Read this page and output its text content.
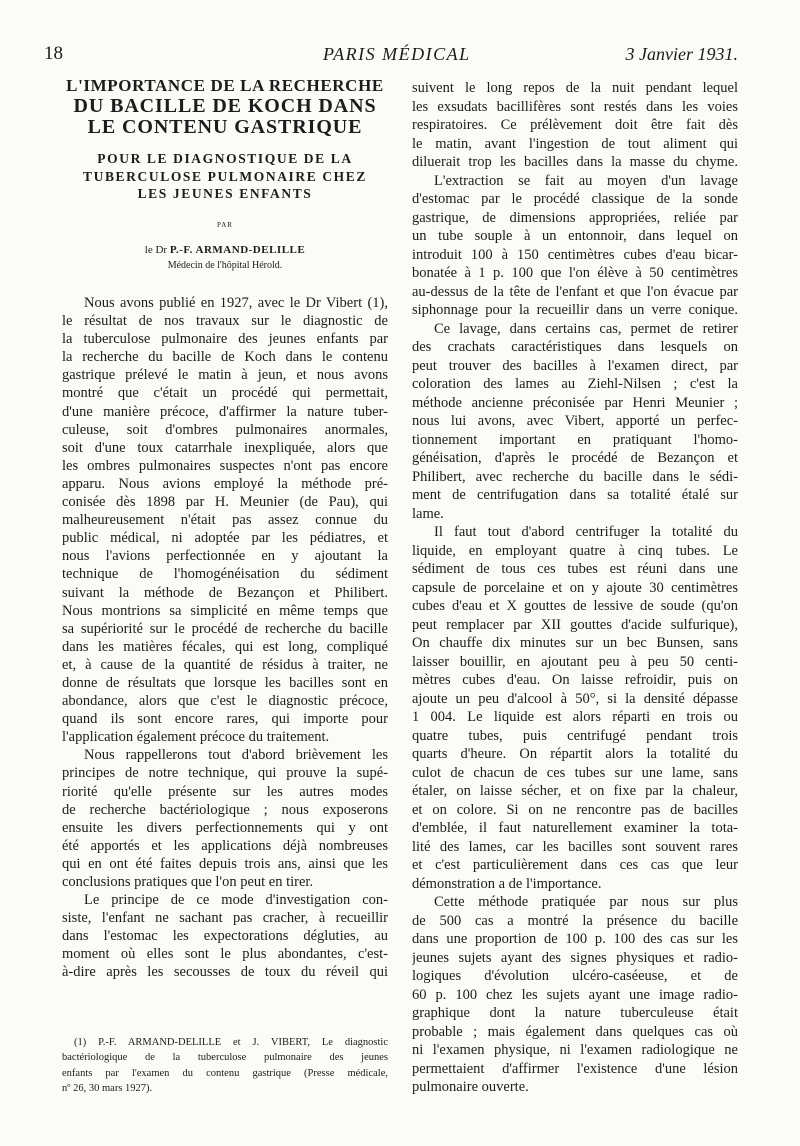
18	PARIS MÉDICAL	3 Janvier 1931.
L'IMPORTANCE DE LA RECHERCHE
DU BACILLE DE KOCH DANS
LE CONTENU GASTRIQUE
POUR LE DIAGNOSTIQUE DE LA
TUBERCULOSE PULMONAIRE CHEZ
LES JEUNES ENFANTS
PAR
le Dr P.-F. ARMAND-DELILLE
Médecin de l'hôpital Hérold.
Nous avons publié en 1927, avec le Dr Vibert (1),
le résultat de nos travaux sur le diagnostic de
la tuberculose pulmonaire des jeunes enfants par
la recherche du bacille de Koch dans le contenu
gastrique prélevé le matin à jeun, et nous avons
montré que c'était un procédé qui permettait,
d'une manière précoce, d'affirmer la nature tuber-
culeuse, soit d'ombres pulmonaires anormales,
soit d'une toux catarrhale inexpliquée, alors que
les ombres pulmonaires suspectes n'ont pas encore
apparu. Nous avions employé la méthode pré-
conisée dès 1898 par H. Meunier (de Pau), qui
malheureusement n'était pas assez connue du
public médical, ni adoptée par les pédiatres, et
nous l'avions perfectionnée en y ajoutant la
technique de l'homogénéisation du sédiment
suivant la méthode de Bezançon et Philibert.
Nous montrions sa simplicité en même temps que
sa supériorité sur le procédé de recherche du bacille
dans les matières fécales, qui est long, compliqué
et, à cause de la quantité de résidus à traiter, ne
donne de résultats que lorsque les bacilles sont en
abondance, alors que c'est le diagnostic précoce,
quand ils sont encore rares, qui importe pour
l'application également précoce du traitement.
Nous rappellerons tout d'abord brièvement les
principes de notre technique, qui prouve la supé-
riorité qu'elle présente sur les autres modes
de recherche bactériologique ; nous exposerons
ensuite les divers perfectionnements qui y ont
été apportés et les applications déjà nombreuses
qui en ont été faites depuis trois ans, ainsi que les
conclusions pratiques que l'on peut en tirer.
Le principe de ce mode d'investigation con-
siste, l'enfant ne sachant pas cracher, à recueillir
dans l'estomac les expectorations dégluties, au
moment où elles sont le plus abondantes, c'est-
à-dire après les secousses de toux du réveil qui
suivent le long repos de la nuit pendant lequel
les exsudats bacillifères sont restés dans les voies
respiratoires. Ce prélèvement doit être fait dès
le matin, avant l'ingestion de tout aliment qui
diluerait trop les bacilles dans la masse du chyme.
L'extraction se fait au moyen d'un lavage
d'estomac par le procédé classique de la sonde
gastrique, de dimensions appropriées, reliée par
un tube souple à un entonnoir, dans lequel on
introduit 100 à 150 centimètres cubes d'eau bicar-
bonatée à 1 p. 100 que l'on élève à 50 centimètres
au-dessus de la tête de l'enfant et que l'on évacue par
siphonnage pour la recueillir dans un verre conique.
Ce lavage, dans certains cas, permet de retirer
des crachats caractéristiques dans lesquels on
peut trouver des bacilles à l'examen direct, par
coloration des lames au Ziehl-Nilsen ; c'est la
méthode ancienne préconisée par Henri Meunier ;
nous lui avons, avec Vibert, apporté un perfec-
tionnement important en pratiquant l'homo-
généisation, d'après le procédé de Bezançon et
Philibert, avec recherche du bacille dans le sédi-
ment de centrifugation dans sa totalité étalé sur
lame.
Il faut tout d'abord centrifuger la totalité du
liquide, en employant quatre à cinq tubes. Le
sédiment de tous ces tubes est réuni dans une
capsule de porcelaine et on y ajoute 30 centimètres
cubes d'eau et X gouttes de lessive de soude (qu'on
peut remplacer par XII gouttes d'acide sulfurique),
On chauffe dix minutes sur un bec Bunsen, sans
laisser bouillir, en ajoutant peu à peu 50 centi-
mètres cubes d'eau. On laisse refroidir, puis on
ajoute un peu d'alcool à 50°, si la densité dépasse
1 004. Le liquide est alors réparti en trois ou
quatre tubes, puis centrifugé pendant trois
quarts d'heure. On répartit alors la totalité du
culot de chacun de ces tubes sur une lame, sans
étaler, on laisse sécher, et on fixe par la chaleur,
et on colore. Si on ne rencontre pas de bacilles
d'emblée, il faut naturellement examiner la tota-
lité des lames, car les bacilles sont souvent rares
et c'est particulièrement dans ces cas que leur
démonstration a de l'importance.
Cette méthode pratiquée par nous sur plus
de 500 cas a montré la présence du bacille
dans une proportion de 100 p. 100 des cas sur les
jeunes sujets ayant des signes physiques et radio-
logiques d'évolution ulcéro-caséeuse, et de
60 p. 100 chez les sujets ayant une image radio-
graphique dont la nature tuberculeuse était
probable ; mais également dans quelques cas où
ni l'examen physique, ni l'examen radiologique ne
permettaient d'affirmer l'existence d'une lésion
pulmonaire ouverte.
(1) P.-F. ARMAND-DELILLE et J. VIBERT, Le diagnostic
bactériologique de la tuberculose pulmonaire des jeunes
enfants par l'examen du contenu gastrique (Presse médicale,
nº 26, 30 mars 1927).
